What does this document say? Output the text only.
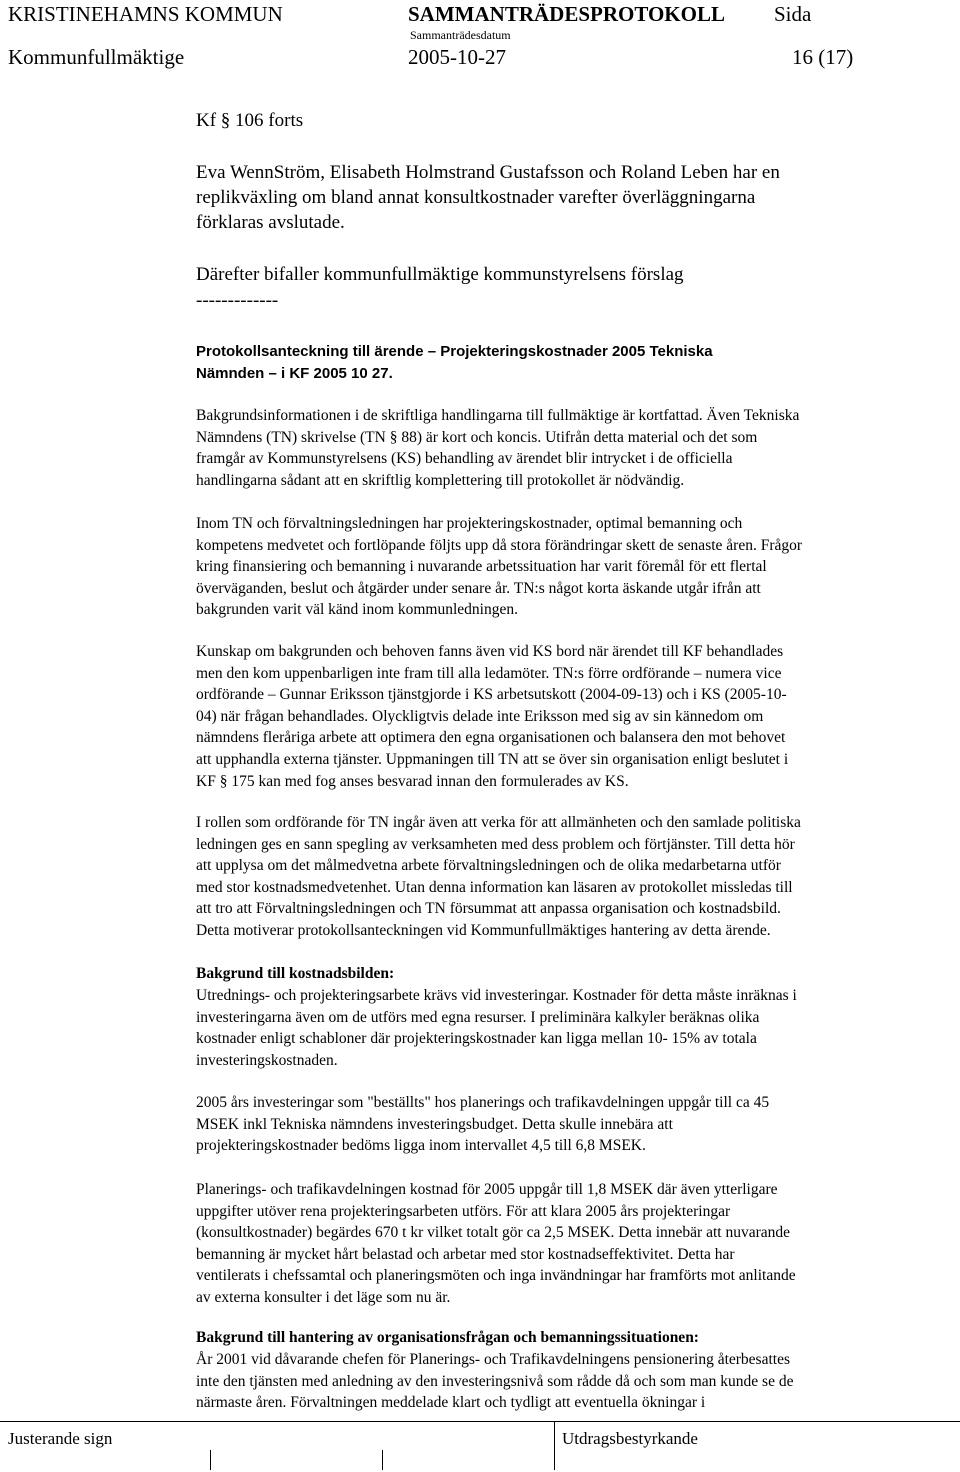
KRISTINEHAMNS KOMMUN	SAMMANTRÄDESPROTOKOLL Sida
Sammanträdesdatum
Kommunfullmäktige	2005-10-27	16 (17)
Kf § 106 forts
Eva WennStröm, Elisabeth Holmstrand Gustafsson och Roland Leben har en
replikväxling om bland annat konsultkostnader varefter överläggningarna
förklaras avslutade.
Därefter bifaller kommunfullmäktige kommunstyrelsens förslag
-------------
Protokollsanteckning till ärende – Projekteringskostnader 2005 Tekniska
Nämnden – i KF 2005 10 27.
Bakgrundsinformationen i de skriftliga handlingarna till fullmäktige är kortfattad. Även Tekniska
Nämndens (TN) skrivelse (TN § 88) är kort och koncis. Utifrån detta material och det som
framgår av Kommunstyrelsens (KS) behandling av ärendet blir intrycket i de officiella
handlingarna sådant att en skriftlig komplettering till protokollet är nödvändig.
Inom TN och förvaltningsledningen har projekteringskostnader, optimal bemanning och
kompetens medvetet och fortlöpande följts upp då stora förändringar skett de senaste åren. Frågor
kring finansiering och bemanning i nuvarande arbetssituation har varit föremål för ett flertal
överväganden, beslut och åtgärder under senare år. TN:s något korta äskande utgår ifrån att
bakgrunden varit väl känd inom kommunledningen.
Kunskap om bakgrunden och behoven fanns även vid KS bord när ärendet till KF behandlades
men den kom uppenbarligen inte fram till alla ledamöter. TN:s förre ordförande – numera vice
ordförande – Gunnar Eriksson tjänstgjorde i KS arbetsutskott (2004-09-13) och i KS (2005-10-
04) när frågan behandlades. Olyckligtvis delade inte Eriksson med sig av sin kännedom om
nämndens fleråriga arbete att optimera den egna organisationen och balansera den mot behovet
att upphandla externa tjänster. Uppmaningen till TN att se över sin organisation enligt beslutet i
KF § 175 kan med fog anses besvarad innan den formulerades av KS.
I rollen som ordförande för TN ingår även att verka för att allmänheten och den samlade politiska
ledningen ges en sann spegling av verksamheten med dess problem och förtjänster. Till detta hör
att upplysa om det målmedvetna arbete förvaltningsledningen och de olika medarbetarna utför
med stor kostnadsmedvetenhet. Utan denna information kan läsaren av protokollet missledas till
att tro att Förvaltningsledningen och TN försummat att anpassa organisation och kostnadsbild.
Detta motiverar protokollsanteckningen vid Kommunfullmäktiges hantering av detta ärende.
Bakgrund till kostnadsbilden:
Utrednings- och projekteringsarbete krävs vid investeringar. Kostnader för detta måste inräknas i
investeringarna även om de utförs med egna resurser. I preliminära kalkyler beräknas olika
kostnader enligt schabloner där projekteringskostnader kan ligga mellan 10- 15% av totala
investeringskostnaden.
2005 års investeringar som "beställts" hos planerings och trafikavdelningen uppgår till ca 45
MSEK inkl Tekniska nämndens investeringsbudget. Detta skulle innebära att
projekteringskostnader bedöms ligga inom intervallet 4,5 till 6,8 MSEK.
Planerings- och trafikavdelningen kostnad för 2005 uppgår till 1,8 MSEK där även ytterligare
uppgifter utöver rena projekteringsarbeten utförs. För att klara 2005 års projekteringar
(konsultkostnader) begärdes 670 t kr vilket totalt gör ca 2,5 MSEK. Detta innebär att nuvarande
bemanning är mycket hårt belastad och arbetar med stor kostnadseffektivitet. Detta har
ventilerats i chefssamtal och planeringsmöten och inga invändningar har framförts mot anlitande
av externa konsulter i det läge som nu är.
Bakgrund till hantering av organisationsfrågan och bemanningssituationen:
År 2001 vid dåvarande chefen för Planerings- och Trafikavdelningens pensionering återbesattes
inte den tjänsten med anledning av den investeringsnivå som rådde då och som man kunde se de
närmaste åren. Förvaltningen meddelade klart och tydligt att eventuella ökningar i
Justerande sign	Utdragsbestyrkande
